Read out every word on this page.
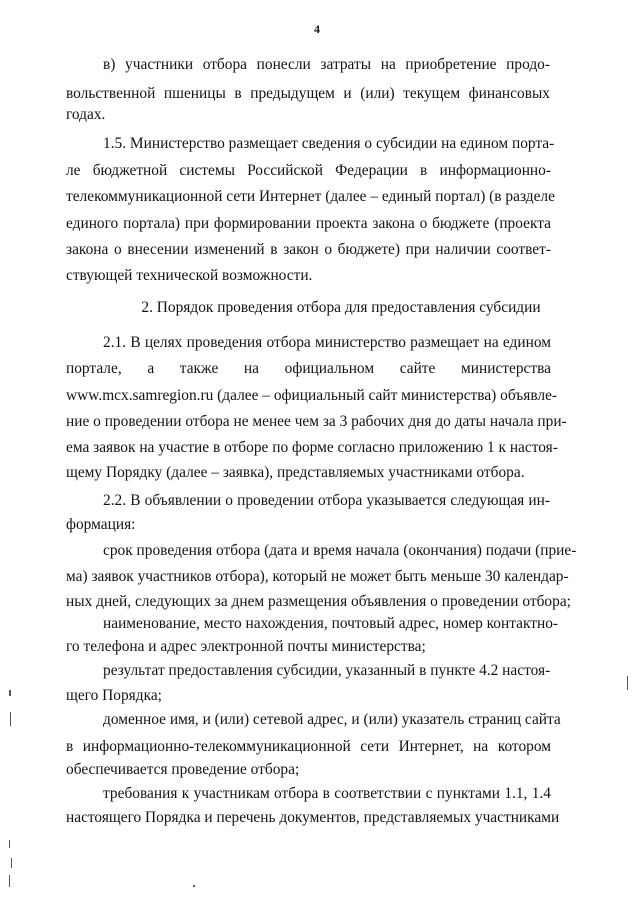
4
в) участники отбора понесли затраты на приобретение продо-
вольственной пшеницы в предыдущем и (или) текущем финансовых
годах.
1.5. Министерство размещает сведения о субсидии на едином порта-
ле бюджетной системы Российской Федерации в информационно-
телекоммуникационной сети Интернет (далее – единый портал) (в разделе
единого портала) при формировании проекта закона о бюджете (проекта
закона о внесении изменений в закон о бюджете) при наличии соответ-
ствующей технической возможности.
2. Порядок проведения отбора для предоставления субсидии
2.1. В целях проведения отбора министерство размещает на едином
портале, а также на официальном сайте министерства
www.mcx.samregion.ru (далее – официальный сайт министерства) объявле-
ние о проведении отбора не менее чем за 3 рабочих дня до даты начала при-
ема заявок на участие в отборе по форме согласно приложению 1 к настоя-
щему Порядку (далее – заявка), представляемых участниками отбора.
2.2. В объявлении о проведении отбора указывается следующая ин-
формация:
срок проведения отбора (дата и время начала (окончания) подачи (прие-
ма) заявок участников отбора), который не может быть меньше 30 календар-
ных дней, следующих за днем размещения объявления о проведении отбора;
наименование, место нахождения, почтовый адрес, номер контактно-
го телефона и адрес электронной почты министерства;
результат предоставления субсидии, указанный в пункте 4.2 настоя-
щего Порядка;
доменное имя, и (или) сетевой адрес, и (или) указатель страниц сайта
в информационно-телекоммуникационной сети Интернет, на котором
обеспечивается проведение отбора;
требования к участникам отбора в соответствии с пунктами 1.1, 1.4
настоящего Порядка и перечень документов, представляемых участниками
